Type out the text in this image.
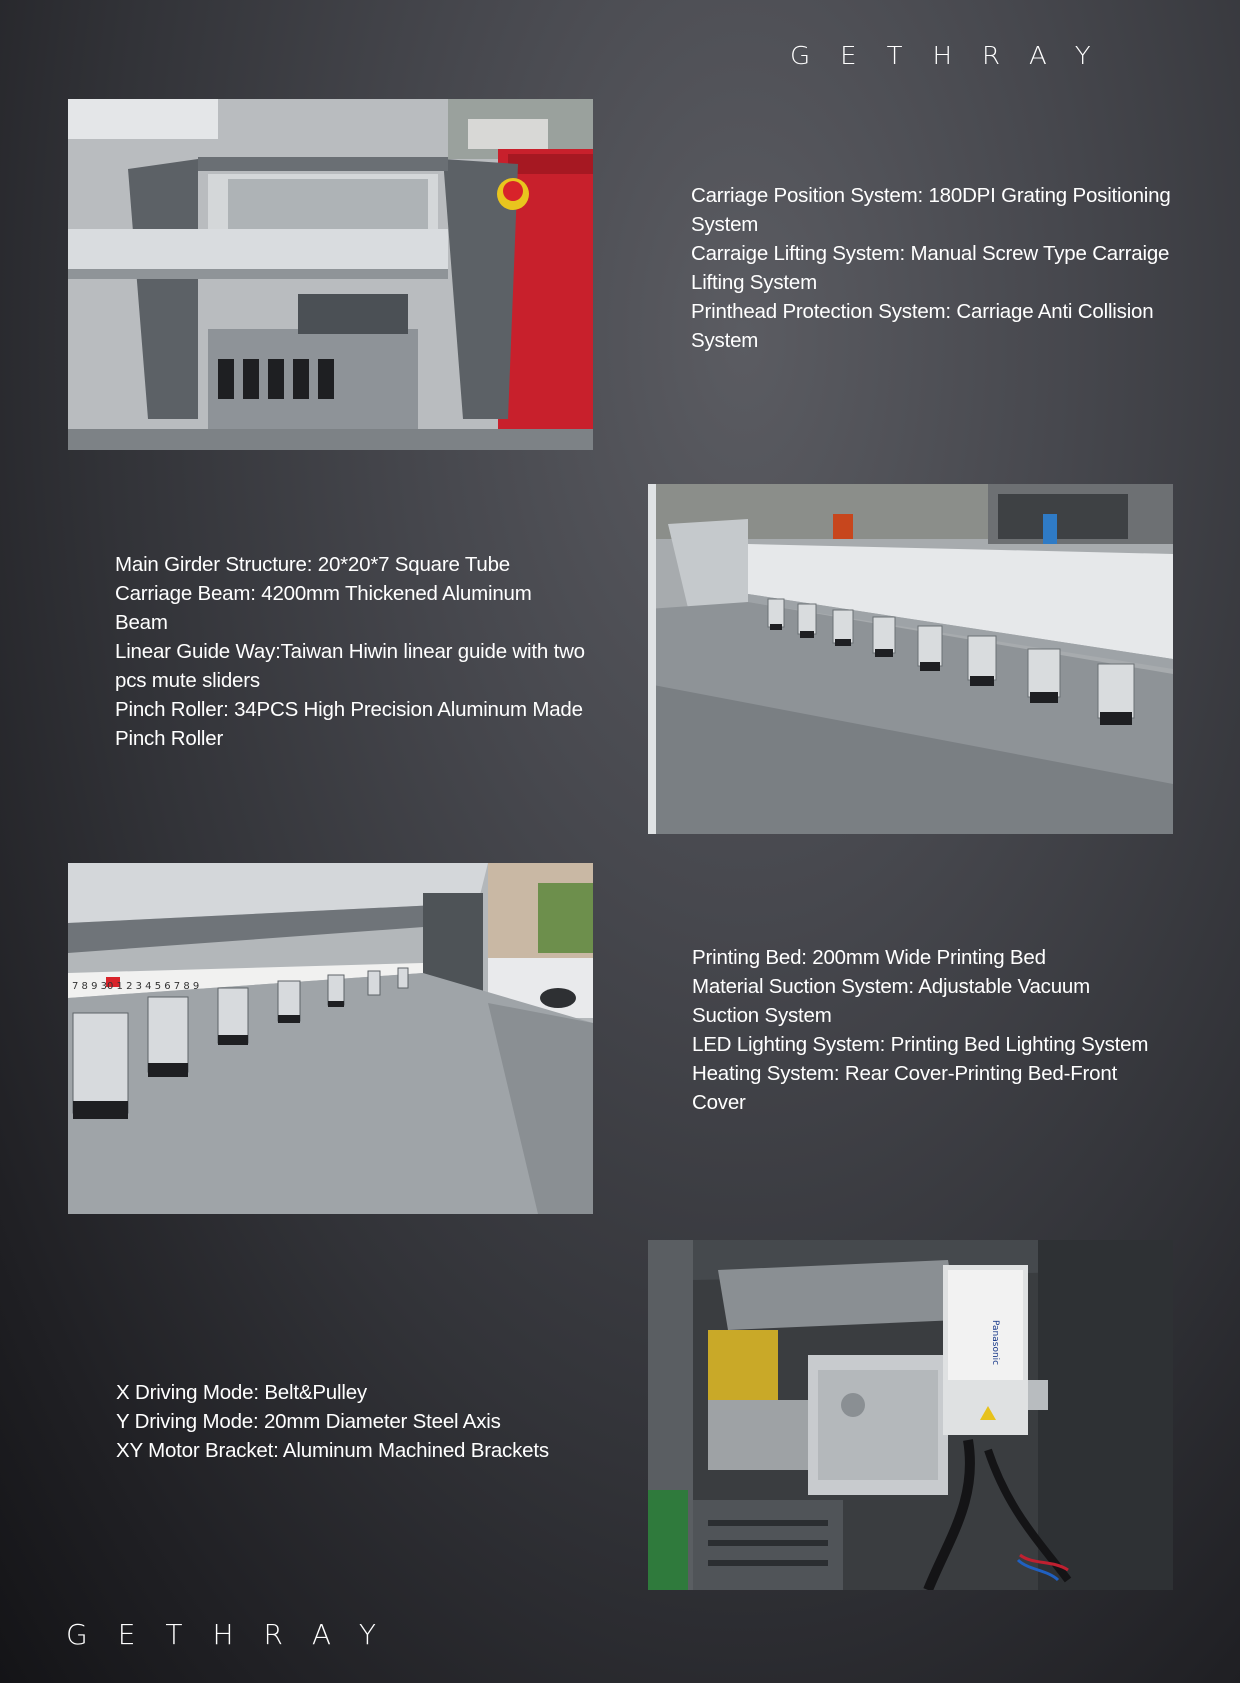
GETHRAY
Carriage Position System: 180DPI Grating Positioning
System
Carraige Lifting System: Manual Screw Type Carraige
Lifting System
Printhead Protection System: Carriage Anti Collision
System
Main Girder Structure: 20*20*7 Square Tube
Carriage Beam: 4200mm Thickened Aluminum
Beam
Linear Guide Way:Taiwan Hiwin linear guide with two
pcs mute sliders
Pinch Roller: 34PCS High Precision Aluminum Made
Pinch Roller
7 8 9 30 1 2 3 4 5 6 7 8 9
Printing Bed: 200mm Wide Printing Bed
Material Suction System: Adjustable Vacuum
Suction System
LED Lighting System: Printing Bed Lighting System
Heating System: Rear Cover-Printing Bed-Front
Cover
X Driving Mode: Belt&Pulley
Y Driving Mode: 20mm Diameter Steel Axis
XY Motor Bracket: Aluminum Machined Brackets
Panasonic
GETHRAY
